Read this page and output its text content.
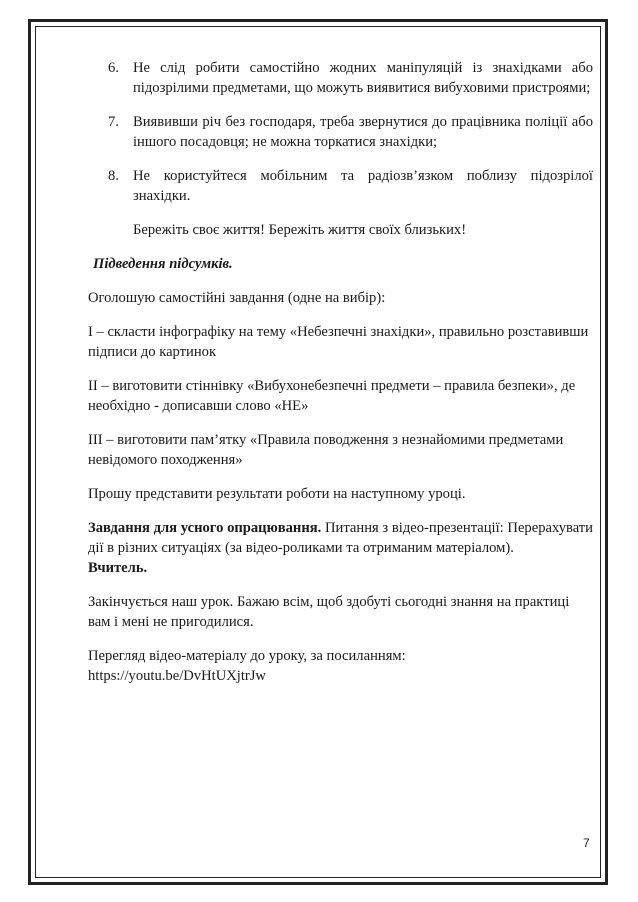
6. Не слід робити самостійно жодних маніпуляцій із знахідками або підозрілими предметами, що можуть виявитися вибуховими пристроями;
7. Виявивши річ без господаря, треба звернутися до працівника поліції або іншого посадовця; не можна торкатися знахідки;
8. Не користуйтеся мобільним та радіозв’язком поблизу підозрілої знахідки.
Бережіть своє життя! Бережіть життя своїх близьких!
Підведення підсумків.

Оголошую самостійні завдання (одне на вибір):

I – скласти інфографіку на тему «Небезпечні знахідки», правильно розставивши підписи до картинок

II – виготовити стіннівку «Вибухонебезпечні предмети – правила безпеки», де необхідно - дописавши слово «НЕ»

III – виготовити пам’ятку «Правила поводження з незнайомими предметами невідомого походження»

Прошу представити результати роботи на наступному уроці.

Завдання для усного опрацювання. Питання з відео-презентації: Перерахувати дії в різних ситуаціях (за відео-роликами та отриманим матеріалом).

Вчитель.

Закінчується наш урок. Бажаю всім, щоб здобуті сьогодні знання на практиці вам і мені не пригодилися.

Перегляд відео-матеріалу до уроку, за посиланням:
https://youtu.be/DvHtUXjtrJw
7
